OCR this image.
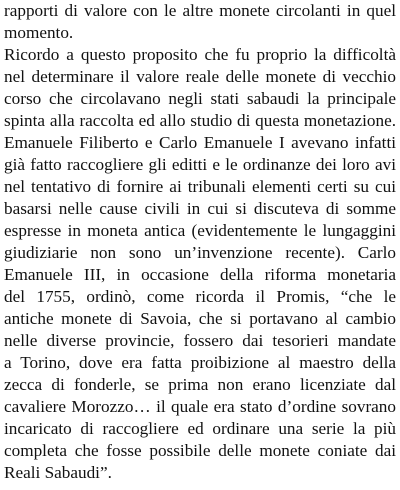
rapporti di valore con le altre monete circolanti in quel
momento.
Ricordo a questo proposito che fu proprio la difficoltà
nel determinare il valore reale delle monete di vecchio
corso che circolavano negli stati sabaudi la principale
spinta alla raccolta ed allo studio di questa monetazione.
Emanuele Filiberto e Carlo Emanuele I avevano infatti
già fatto raccogliere gli editti e le ordinanze dei loro avi
nel tentativo di fornire ai tribunali elementi certi su cui
basarsi nelle cause civili in cui si discuteva di somme
espresse in moneta antica (evidentemente le lungaggini
giudiziarie non sono un’invenzione recente). Carlo
Emanuele III, in occasione della riforma monetaria
del 1755, ordinò, come ricorda il Promis, “che le
antiche monete di Savoia, che si portavano al cambio
nelle diverse provincie, fossero dai tesorieri mandate
a Torino, dove era fatta proibizione al maestro della
zecca di fonderle, se prima non erano licenziate dal
cavaliere Morozzo… il quale era stato d’ordine sovrano
incaricato di raccogliere ed ordinare una serie la più
completa che fosse possibile delle monete coniate dai
Reali Sabaudi”.
